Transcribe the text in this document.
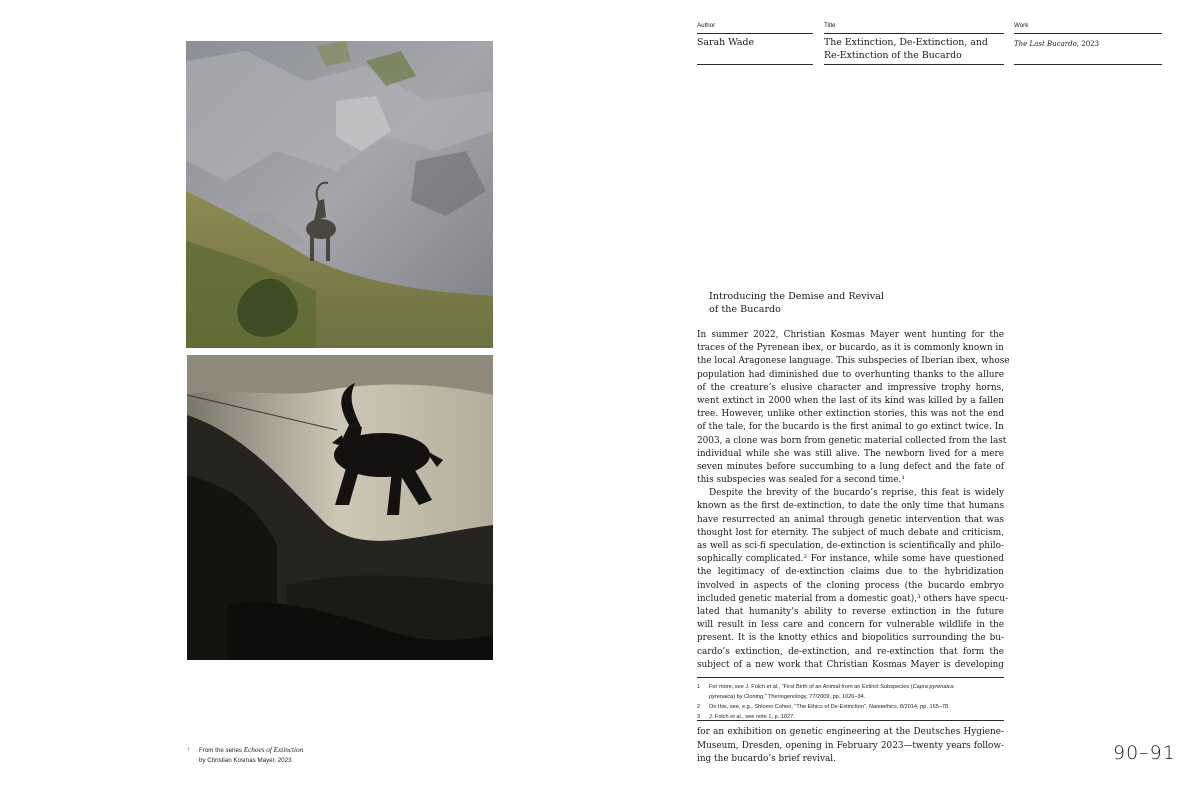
↑ From the series Echoes of Extinction
by Christian Kosmas Mayer, 2023
Author
Sarah Wade
Title
The Extinction, De-Extinction, and
Re-Extinction of the Bucardo
Work
The Last Bucardo, 2023
Introducing the Demise and Revival
of the Bucardo
In summer 2022, Christian Kosmas Mayer went hunting for the
traces of the Pyrenean ibex, or bucardo, as it is commonly known in
the local Aragonese language. This subspecies of Iberian ibex, whose
population had diminished due to overhunting thanks to the allure
of the creature’s elusive character and impressive trophy horns,
went extinct in 2000 when the last of its kind was killed by a fallen
tree. However, unlike other extinction stories, this was not the end
of the tale, for the bucardo is the first animal to go extinct twice. In
2003, a clone was born from genetic material collected from the last
individual while she was still alive. The newborn lived for a mere
seven minutes before succumbing to a lung defect and the fate of
this subspecies was sealed for a second time.¹
Despite the brevity of the bucardo’s reprise, this feat is widely
known as the first de-extinction, to date the only time that humans
have resurrected an animal through genetic intervention that was
thought lost for eternity. The subject of much debate and criticism,
as well as sci-fi speculation, de-extinction is scientifically and philo-
sophically complicated.² For instance, while some have questioned
the legitimacy of de-extinction claims due to the hybridization
involved in aspects of the cloning process (the bucardo embryo
included genetic material from a domestic goat),³ others have specu-
lated that humanity’s ability to reverse extinction in the future
will result in less care and concern for vulnerable wildlife in the
present. It is the knotty ethics and biopolitics surrounding the bu-
cardo’s extinction, de-extinction, and re-extinction that form the
subject of a new work that Christian Kosmas Mayer is developing
1 For more, see J. Folch et al., “First Birth of an Animal from an Extinct Subspecies (Capra pyrenaica
pyrenaica) by Cloning,” Theriogenology, 77/2009, pp. 1026–34.
2 On this, see, e.g., Shlomo Cohen, “The Ethics of De-Extinction”, Nanoethics, 8/2014, pp. 165–78.
3 J. Folch et al., see note 1, p. 1027.
for an exhibition on genetic engineering at the Deutsches Hygiene-
Museum, Dresden, opening in February 2023—twenty years follow-
ing the bucardo’s brief revival.	90–91
